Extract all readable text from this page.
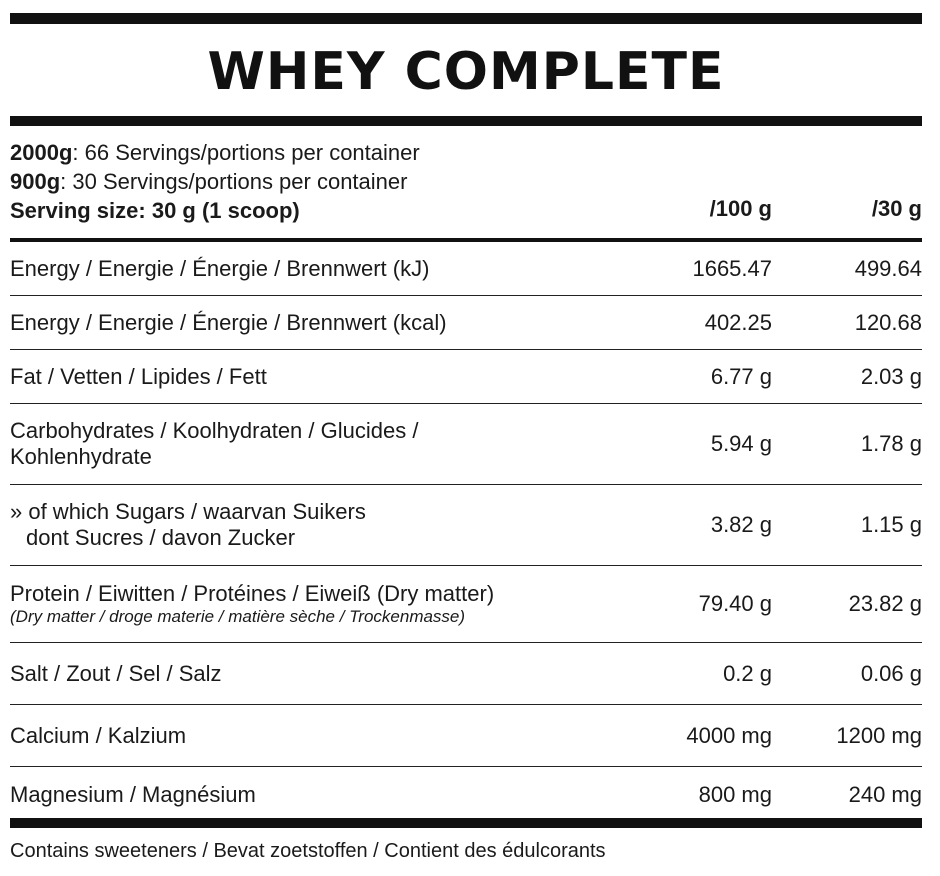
WHEY COMPLETE
2000g: 66 Servings/portions per container
900g: 30 Servings/portions per container
Serving size: 30 g (1 scoop)	/100 g	/30 g
Energy / Energie / Énergie / Brennwert (kJ)	1665.47	499.64
Energy / Energie / Énergie / Brennwert (kcal)	402.25	120.68
Fat / Vetten / Lipides / Fett	6.77 g	2.03 g
Carbohydrates / Koolhydraten / Glucides /
Kohlenhydrate
5.94 g	1.78 g
» of which Sugars / waarvan Suikers
dont Sucres / davon Zucker
3.82 g	1.15 g
Protein / Eiwitten / Protéines / Eiweiß (Dry matter)
(Dry matter / droge materie / matière sèche / Trockenmasse)
79.40 g	23.82 g
Salt / Zout / Sel / Salz	0.2 g	0.06 g
Calcium / Kalzium	4000 mg	1200 mg
Magnesium / Magnésium	800 mg	240 mg
Contains sweeteners / Bevat zoetstoffen / Contient des édulcorants
